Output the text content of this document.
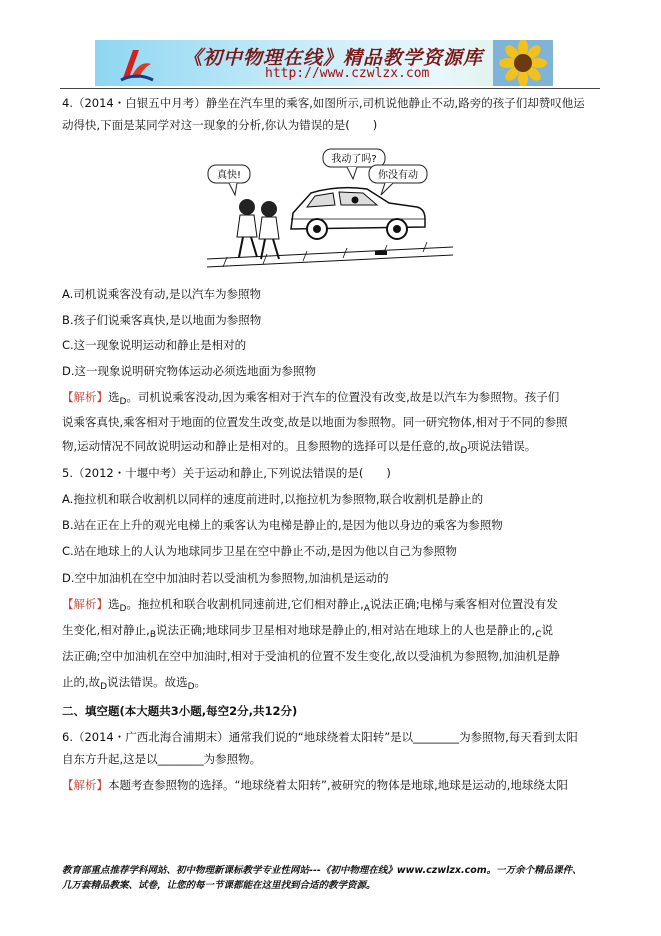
《初中物理在线》精品教学资源库
http://www.czwlzx.com
4.（2014・白银五中月考）静坐在汽车里的乘客,如图所示,司机说他静止不动,路旁的孩子们却赞叹他运
动得快,下面是某同学对这一现象的分析,你认为错误的是(　　)
真快!
我动了吗?
你没有动
A.司机说乘客没有动,是以汽车为参照物
B.孩子们说乘客真快,是以地面为参照物
C.这一现象说明运动和静止是相对的
D.这一现象说明研究物体运动必须选地面为参照物
【解析】选$_D$。司机说乘客没动,因为乘客相对于汽车的位置没有改变,故是以汽车为参照物。孩子们
说乘客真快,乘客相对于地面的位置发生改变,故是以地面为参照物。同一研究物体,相对于不同的参照
物,运动情况不同故说明运动和静止是相对的。且参照物的选择可以是任意的,故$_D$项说法错误。
5.（2012・十堰中考）关于运动和静止,下列说法错误的是(　　)
A.拖拉机和联合收割机以同样的速度前进时,以拖拉机为参照物,联合收割机是静止的
B.站在正在上升的观光电梯上的乘客认为电梯是静止的,是因为他以身边的乘客为参照物
C.站在地球上的人认为地球同步卫星在空中静止不动,是因为他以自己为参照物
D.空中加油机在空中加油时若以受油机为参照物,加油机是运动的
【解析】选$_D$。拖拉机和联合收割机同速前进,它们相对静止$,_A$说法正确;电梯与乘客相对位置没有发
生变化,相对静止$,_B$说法正确;地球同步卫星相对地球是静止的,相对站在地球上的人也是静止的$,_C$说
法正确;空中加油机在空中加油时,相对于受油机的位置不发生变化,故以受油机为参照物,加油机是静
止的,故$_D$说法错误。故选$_D$。
二、填空题(本大题共3小题,每空2分,共12分)
6.（2014・广西北海合浦期末）通常我们说的“地球绕着太阳转”是以________为参照物,每天看到太阳
自东方升起,这是以________为参照物。
【解析】本题考查参照物的选择。“地球绕着太阳转”,被研究的物体是地球,地球是运动的,地球绕太阳
教育部重点推荐学科网站、初中物理新课标教学专业性网站---《初中物理在线》www.czwlzx.com。一万余个精品课件、
几万套精品教案、试卷，让您的每一节课都能在这里找到合适的教学资源。
